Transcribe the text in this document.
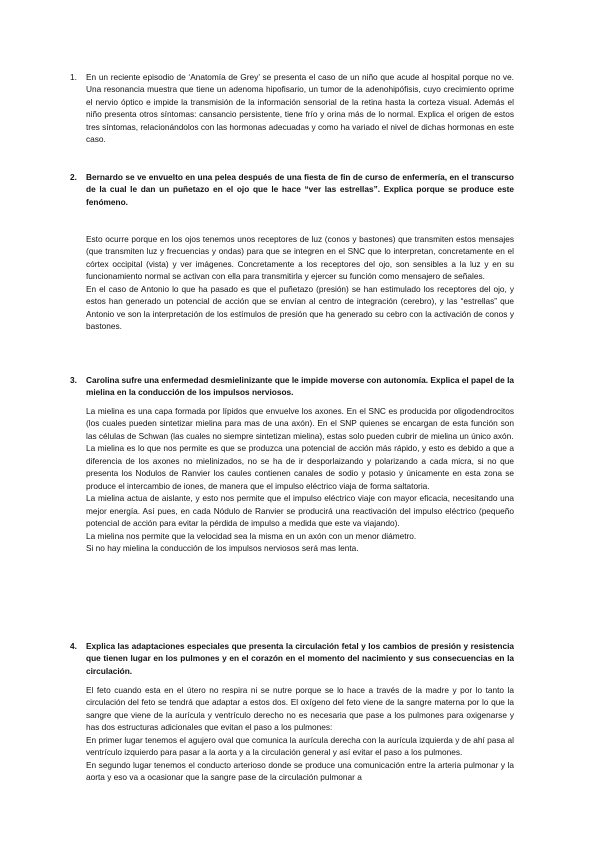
1. En un reciente episodio de ‘Anatomía de Grey’ se presenta el caso de un niño que acude al hospital porque no ve. Una resonancia muestra que tiene un adenoma hipofisario, un tumor de la adenohipófisis, cuyo crecimiento oprime el nervio óptico e impide la transmisión de la información sensorial de la retina hasta la corteza visual. Además el niño presenta otros síntomas: cansancio persistente, tiene frío y orina más de lo normal. Explica el origen de estos tres síntomas, relacionándolos con las hormonas adecuadas y como ha variado el nivel de dichas hormonas en este caso.
2. Bernardo se ve envuelto en una pelea después de una fiesta de fin de curso de enfermería, en el transcurso de la cual le dan un puñetazo en el ojo que le hace “ver las estrellas”. Explica porque se produce este fenómeno.

Esto ocurre porque en los ojos tenemos unos receptores de luz (conos y bastones) que transmiten estos mensajes (que transmiten luz y frecuencias y ondas) para que se integren en el SNC que lo interpretan, concretamente en el córtex occipital (vista) y ver imágenes. Concretamente a los receptores del ojo, son sensibles a la luz y en su funcionamiento normal se activan con ella para transmitirla y ejercer su función como mensajero de señales.

En el caso de Antonio lo que ha pasado es que el puñetazo (presión) se han estimulado los receptores del ojo, y estos han generado un potencial de acción que se envían al centro de integración (cerebro), y las “estrellas” que Antonio ve son la interpretación de los estímulos de presión que ha generado su cebro con la activación de conos y bastones.

3. Carolina sufre una enfermedad desmielinizante que le impide moverse con autonomía. Explica el papel de la mielina en la conducción de los impulsos nerviosos.

La mielina es una capa formada por lípidos que envuelve los axones. En el SNC es producida por oligodendrocitos (los cuales pueden sintetizar mielina para mas de una axón). En el SNP quienes se encargan de esta función son las células de Schwan (las cuales no siempre sintetizan mielina), estas solo pueden cubrir de mielina un único axón.

La mielina es lo que nos permite es que se produzca una potencial de acción más rápido, y esto es debido a que a diferencia de los axones no mielinizados, no se ha de ir desporlaizando y polarizando a cada micra, si no que presenta los Nodulos de Ranvier los caules contienen canales de sodio y potasio y únicamente en esta zona se produce el intercambio de iones, de manera que el impulso eléctrico viaja de forma saltatoria.

La mielina actua de aislante, y esto nos permite que el impulso eléctrico viaje con mayor eficacia, necesitando una mejor energía. Así pues, en cada Nódulo de Ranvier se producirá una reactivación del impulso eléctrico (pequeño potencial de acción para evitar la pérdida de impulso a medida que este va viajando).

La mielina nos permite que la velocidad sea la misma en un axón con un menor diámetro.

Si no hay mielina la conducción de los impulsos nerviosos será mas lenta.

4. Explica las adaptaciones especiales que presenta la circulación fetal y los cambios de presión y resistencia que tienen lugar en los pulmones y en el corazón en el momento del nacimiento y sus consecuencias en la circulación.

El feto cuando esta en el útero no respira ni se nutre porque se lo hace a través de la madre y por lo tanto la circulación del feto se tendrá que adaptar a estos dos. El oxígeno del feto viene de la sangre materna por lo que la sangre que viene de la aurícula y ventrículo derecho no es necesaria que pase a los pulmones para oxigenarse y has dos estructuras adicionales que evitan el paso a los pulmones:

En primer lugar tenemos el agujero oval que comunica la aurícula derecha con la aurícula izquierda y de ahí pasa al ventrículo izquierdo para pasar a la aorta y a la circulación general y así evitar el paso a los pulmones.

En segundo lugar tenemos el conducto arterioso donde se produce una comunicación entre la arteria pulmonar y la aorta y eso va a ocasionar que la sangre pase de la circulación pulmonar a
